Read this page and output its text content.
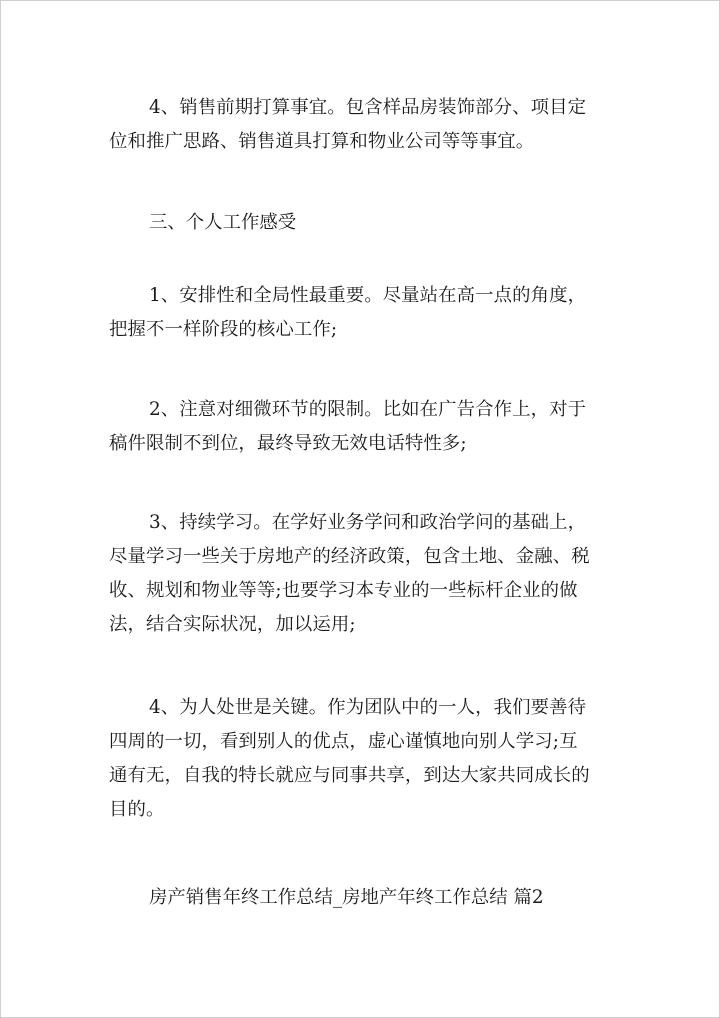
4、销售前期打算事宜。包含样品房装饰部分、项目定
位和推广思路、销售道具打算和物业公司等等事宜。
三、个人工作感受
1、安排性和全局性最重要。尽量站在高一点的角度，
把握不一样阶段的核心工作;
2、注意对细微环节的限制。比如在广告合作上，对于
稿件限制不到位，最终导致无效电话特性多;
3、持续学习。在学好业务学问和政治学问的基础上，
尽量学习一些关于房地产的经济政策，包含土地、金融、税
收、规划和物业等等;也要学习本专业的一些标杆企业的做
法，结合实际状况，加以运用;
4、为人处世是关键。作为团队中的一人，我们要善待
四周的一切，看到别人的优点，虚心谨慎地向别人学习;互
通有无，自我的特长就应与同事共享，到达大家共同成长的
目的。
房产销售年终工作总结_房地产年终工作总结 篇2
